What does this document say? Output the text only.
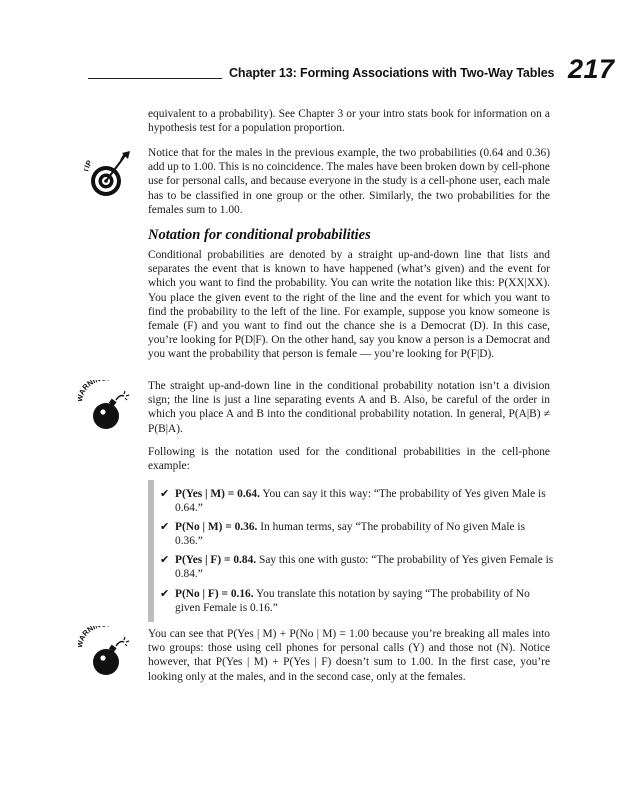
Chapter 13: Forming Associations with Two-Way Tables 217

equivalent to a probability). See Chapter 3 or your intro stats book for information on a hypothesis test for a population proportion.

P

Notice that for the males in the previous example, the two probabilities (0.64 and 0.36) add up to 1.00. This is no coincidence. The males have been broken down by cell-phone use for personal calls, and because everyone in the study is a cell-phone user, each male has to be classified in one group or the other. Similarly, the two probabilities for the females sum to 1.00.

Notation for conditional probabilities

Conditional probabilities are denoted by a straight up-and-down line that lists and separates the event that is known to have happened (what’s given) and the event for which you want to find the probability. You can write the notation like this: P(XX|XX). You place the given event to the right of the line and the event for which you want to find the probability to the left of the line. For example, suppose you know someone is female (F) and you want to find out the chance she is a Democrat (D). In this case, you’re looking for P(D|F). On the other hand, say you know a person is a Democrat and you want the probability that person is female — you’re looking for P(F|D).

RNI	The straight up-and-down line in the conditional probability notation isn’t a division sign; the line is just a line separating events A and B. Also, be careful of the order in which you place A and B into the conditional probability notation. In general, P(A|B) ≠ P(B|A).

Following is the notation used for the conditional probabilities in the cell-phone example:

✔ P(Yes | M) = 0.64. You can say it this way: “The probability of Yes given Male is 0.64.”
✔ P(No | M) = 0.36. In human terms, say “The probability of No given Male is 0.36.”
✔ P(Yes | F) = 0.84. Say this one with gusto: “The probability of Yes given Female is 0.84.”
✔ P(No | F) = 0.16. You translate this notation by saying “The probability of No given Female is 0.16.”
RNI

You can see that P(Yes | M) + P(No | M) = 1.00 because you’re breaking all males into two groups: those using cell phones for personal calls (Y) and those not (N). Notice however, that P(Yes | M) + P(Yes | F) doesn’t sum to 1.00. In the first case, you’re looking only at the males, and in the second case, only at the females.
